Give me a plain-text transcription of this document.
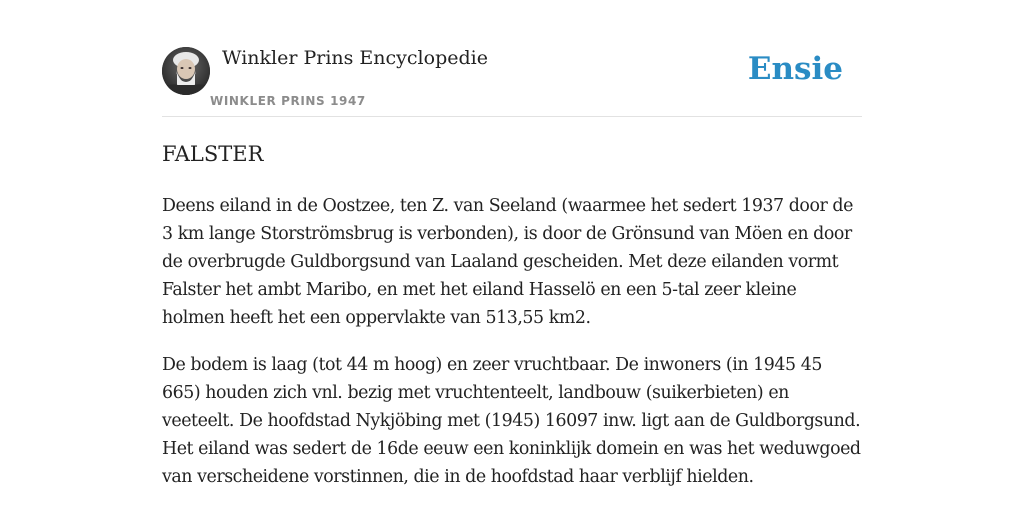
Winkler Prins Encyclopedie
WINKLER PRINS 1947
Ensie
FALSTER

Deens eiland in de Oostzee, ten Z. van Seeland (waarmee het sedert 1937 door de 3 km lange Storströmsbrug is verbonden), is door de Grönsund van Möen en door de overbrugde Guldborgsund van Laaland gescheiden. Met deze eilanden vormt Falster het ambt Maribo, en met het eiland Hasselö en een 5-tal zeer kleine holmen heeft het een oppervlakte van 513,55 km2.

De bodem is laag (tot 44 m hoog) en zeer vruchtbaar. De inwoners (in 1945 45 665) houden zich vnl. bezig met vruchtenteelt, landbouw (suikerbieten) en veeteelt. De hoofdstad Nykjöbing met (1945) 16097 inw. ligt aan de Guldborgsund. Het eiland was sedert de 16de eeuw een koninklijk domein en was het weduwgoed van verscheidene vorstinnen, die in de hoofdstad haar verblijf hielden.
